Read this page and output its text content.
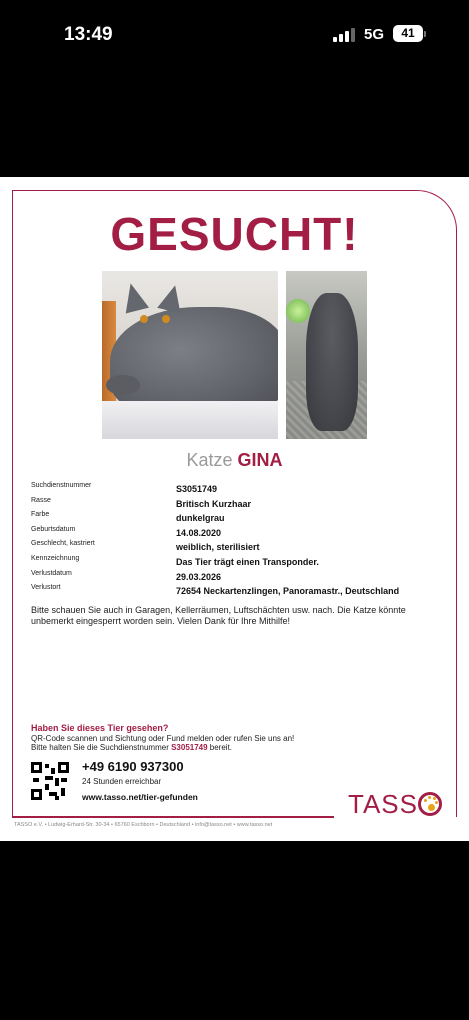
13:49	5G	41
GESUCHT!
Katze GINA
Suchdienstnummer	S3051749
Rasse	Britisch Kurzhaar
Farbe	dunkelgrau
Geburtsdatum	14.08.2020
Geschlecht, kastriert	weiblich, sterilisiert
Kennzeichnung	Das Tier trägt einen Transponder.
Verlustdatum	29.03.2026
Verlustort	72654 Neckartenzlingen, Panoramastr., Deutschland
Bitte schauen Sie auch in Garagen, Kellerräumen, Luftschächten usw. nach. Die Katze könnte unbemerkt eingesperrt worden sein. Vielen Dank für Ihre Mithilfe!
Haben Sie dieses Tier gesehen?
QR-Code scannen und Sichtung oder Fund melden oder rufen Sie uns an!
Bitte halten Sie die Suchdienstnummer S3051749 bereit.
+49 6190 937300
24 Stunden erreichbar
www.tasso.net/tier-gefunden	TASS
TASSO e.V. • Ludwig-Erhard-Str. 30-34 • 65760 Eschborn • Deutschland • info@tasso.net • www.tasso.net
